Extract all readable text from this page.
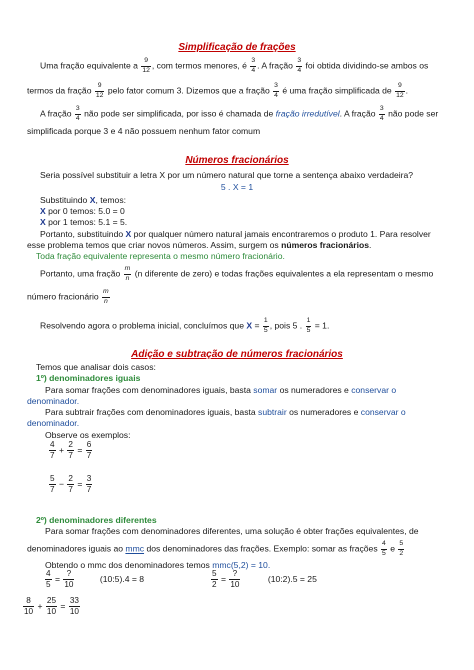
Simplificação de frações
Uma fração equivalente a $\frac{9}{12}$ , com termos menores, é $\frac{3}{4}$ . A fração $\frac{3}{4}$ foi obtida dividindo-se ambos os
termos da fração $\frac{9}{12}$ pelo fator comum 3. Dizemos que a fração $\frac{3}{4}$ é uma fração simplificada de $\frac{9}{12}$ .
A fração $\frac{3}{4}$ não pode ser simplificada, por isso é chamada de fração irredutível. A fração $\frac{3}{4}$ não pode ser
simplificada porque 3 e 4 não possuem nenhum fator comum
Números fracionários
Seria possível substituir a letra X por um número natural que torne a sentença abaixo verdadeira?
5 . X = 1
Substituindo X, temos:
X por 0 temos: 5.0 = 0
X por 1 temos: 5.1 = 5.
Portanto, substituindo X por qualquer número natural jamais encontraremos o produto 1. Para resolver
esse problema temos que criar novos números. Assim, surgem os números fracionários.
Toda fração equivalente representa o mesmo número fracionário.
Portanto, uma fração $\frac{m}{n} (n$ diferente de zero) e todas frações equivalentes a ela representam o mesmo
número fracionário $\frac{m}{n}$
Resolvendo agora o problema inicial, concluímos que $X = \frac{1}{5}$ , pois 5 . $\frac{1}{5} = 1$.
Adição e subtração de números fracionários
Temos que analisar dois casos:
1º) denominadores iguais
Para somar frações com denominadores iguais, basta somar os numeradores e conservar o
denominador.
Para subtrair frações com denominadores iguais, basta subtrair os numeradores e conservar o
denominador.
Observe os exemplos:
$\frac{4}{7} + \frac{2}{7} = \frac{6}{7}$
$\frac{5}{7} - \frac{2}{7} = \frac{3}{7}$
2º) denominadores diferentes
Para somar frações com denominadores diferentes, uma solução é obter frações equivalentes, de
denominadores iguais ao mmc dos denominadores das frações. Exemplo: somar as frações $\frac{4}{5}$ e $\frac{5}{2}$
Obtendo o mmc dos denominadores temos mmc(5,2) = 10.
$\frac{4}{5} = \frac{?}{10}$	(10:5).4 = 8	$\frac{5}{2} = \frac{?}{10}$	(10:2).5 = 25
$\frac{8}{10} + \frac{25}{10} = \frac{33}{10}$
